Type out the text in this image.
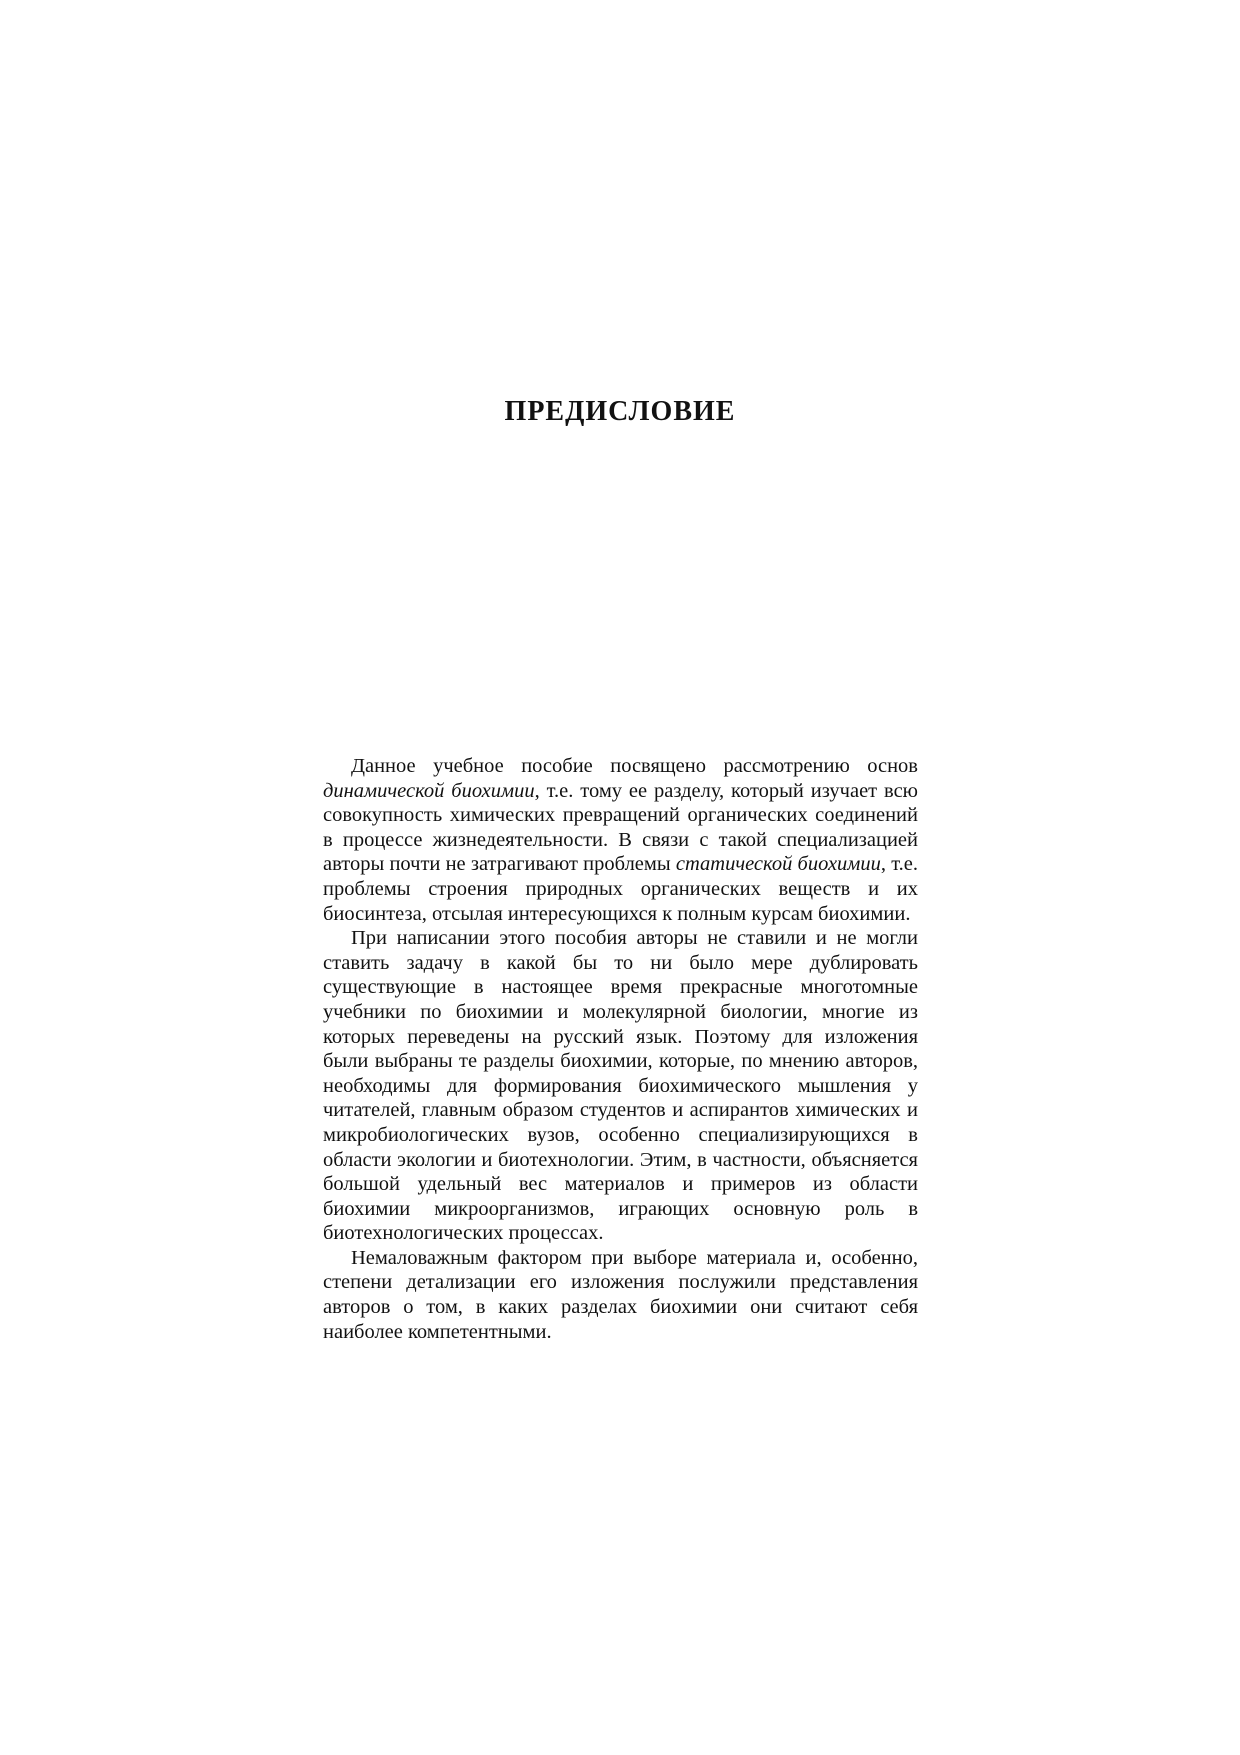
ПРЕДИСЛОВИЕ

Данное учебное пособие посвящено рассмотрению основ динамической биохимии, т.е. тому ее разделу, который изучает всю совокупность химических превращений органических соединений в процессе жизнедеятельности. В связи с такой специализацией авторы почти не затрагивают проблемы статической биохимии, т.е. проблемы строения природных органических веществ и их биосинтеза, отсылая интересующихся к полным курсам биохимии.

При написании этого пособия авторы не ставили и не могли ставить задачу в какой бы то ни было мере дублировать существующие в настоящее время прекрасные многотомные учебники по биохимии и молекулярной биологии, многие из которых переведены на русский язык. Поэтому для изложения были выбраны те разделы биохимии, которые, по мнению авторов, необходимы для формирования биохимического мышления у читателей, главным образом студентов и аспирантов химических и микробиологических вузов, особенно специализирующихся в области экологии и биотехнологии. Этим, в частности, объясняется большой удельный вес материалов и примеров из области биохимии микроорганизмов, играющих основную роль в биотехнологических процессах.

Немаловажным фактором при выборе материала и, особенно, степени детализации его изложения послужили представления авторов о том, в каких разделах биохимии они считают себя наиболее компетентными.
